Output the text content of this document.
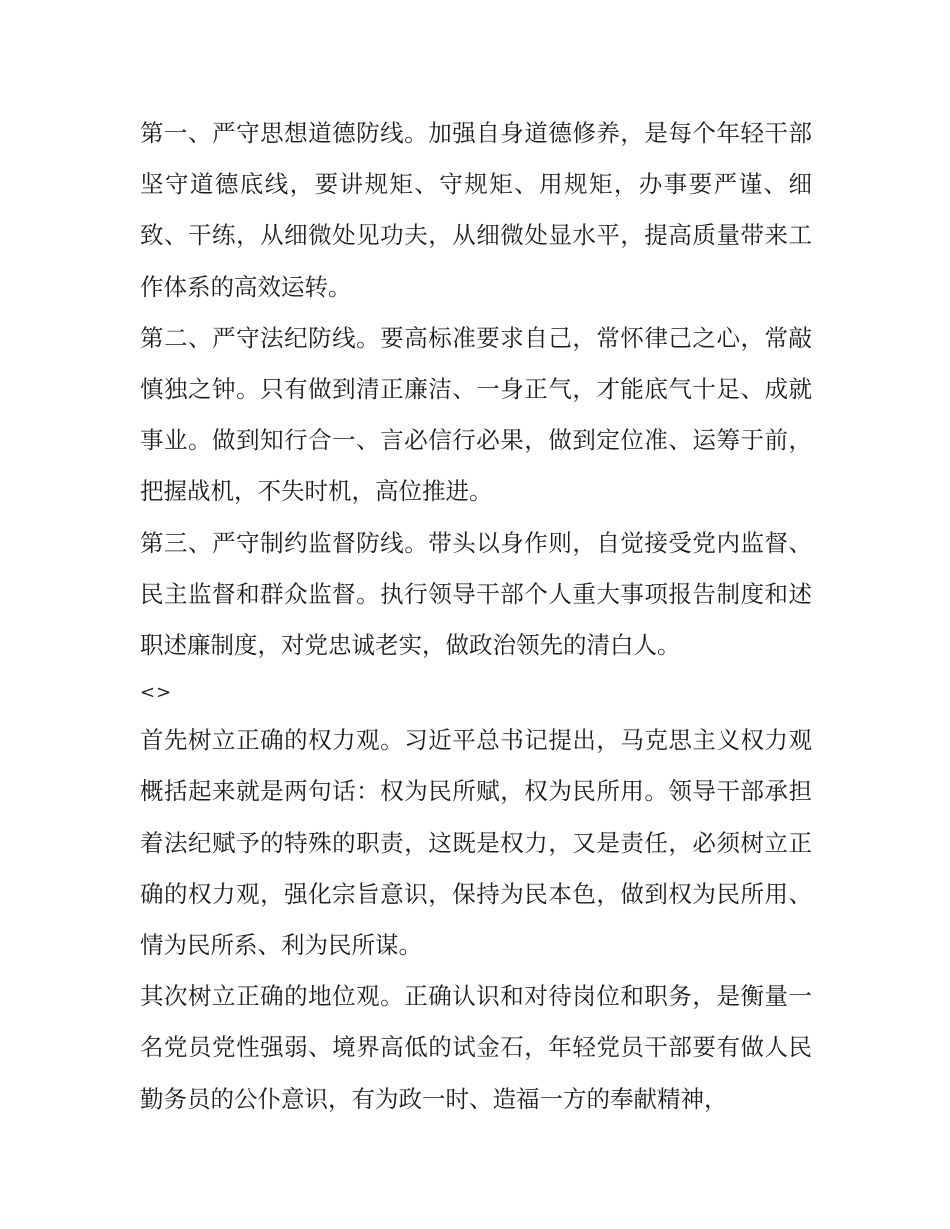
第一、严守思想道德防线。加强自身道德修养，是每个年轻干部坚守道德底线，要讲规矩、守规矩、用规矩，办事要严谨、细致、干练，从细微处见功夫，从细微处显水平，提高质量带来工作体系的高效运转。

第二、严守法纪防线。要高标准要求自己，常怀律己之心，常敲慎独之钟。只有做到清正廉洁、一身正气，才能底气十足、成就事业。做到知行合一、言必信行必果，做到定位准、运筹于前，把握战机，不失时机，高位推进。

第三、严守制约监督防线。带头以身作则，自觉接受党内监督、民主监督和群众监督。执行领导干部个人重大事项报告制度和述职述廉制度，对党忠诚老实，做政治领先的清白人。

<>

首先树立正确的权力观。习近平总书记提出，马克思主义权力观概括起来就是两句话：权为民所赋，权为民所用。领导干部承担着法纪赋予的特殊的职责，这既是权力，又是责任，必须树立正确的权力观，强化宗旨意识，保持为民本色，做到权为民所用、情为民所系、利为民所谋。

其次树立正确的地位观。正确认识和对待岗位和职务，是衡量一名党员党性强弱、境界高低的试金石，年轻党员干部要有做人民勤务员的公仆意识，有为政一时、造福一方的奉献精神，
